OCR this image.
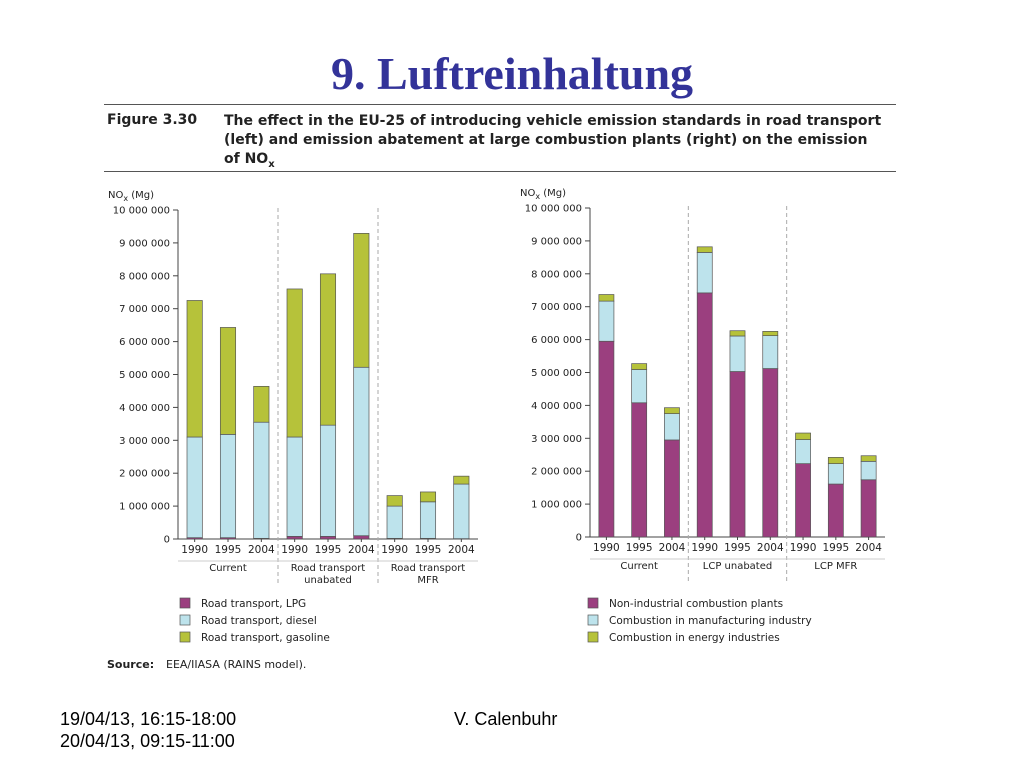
9. Luftreinhaltung
Figure 3.30 The effect in the EU-25 of introducing vehicle emission standards in road transport (left) and emission abatement at large combustion plants (right) on the emission of $NO_x$
$NO_x$ (Mg)
0
1 000 000
2 000 000
3 000 000
4 000 000
5 000 000
6 000 000
7 000 000
8 000 000
9 000 000
10 000 000
Current	Road transport
unabated
Road transport
MFR
1990 1995 2004 1990 1995 2004 1990 1995 2004
Road transport, LPG
Road transport, diesel
Road transport, gasoline
$NO_x$ (Mg)
0
1 000 000
2 000 000
3 000 000
4 000 000
5 000 000
6 000 000
7 000 000
8 000 000
9 000 000
10 000 000
Current	LCP unabated	LCP MFR
1990 1995 2004 1990 1995 2004 1990 1995 2004
Non-industrial combustion plants
Combustion in manufacturing industry
Combustion in energy industries
Source: EEA/IIASA (RAINS model).
19/04/13, 16:15-18:00
20/04/13, 09:15-11:00
V. Calenbuhr
